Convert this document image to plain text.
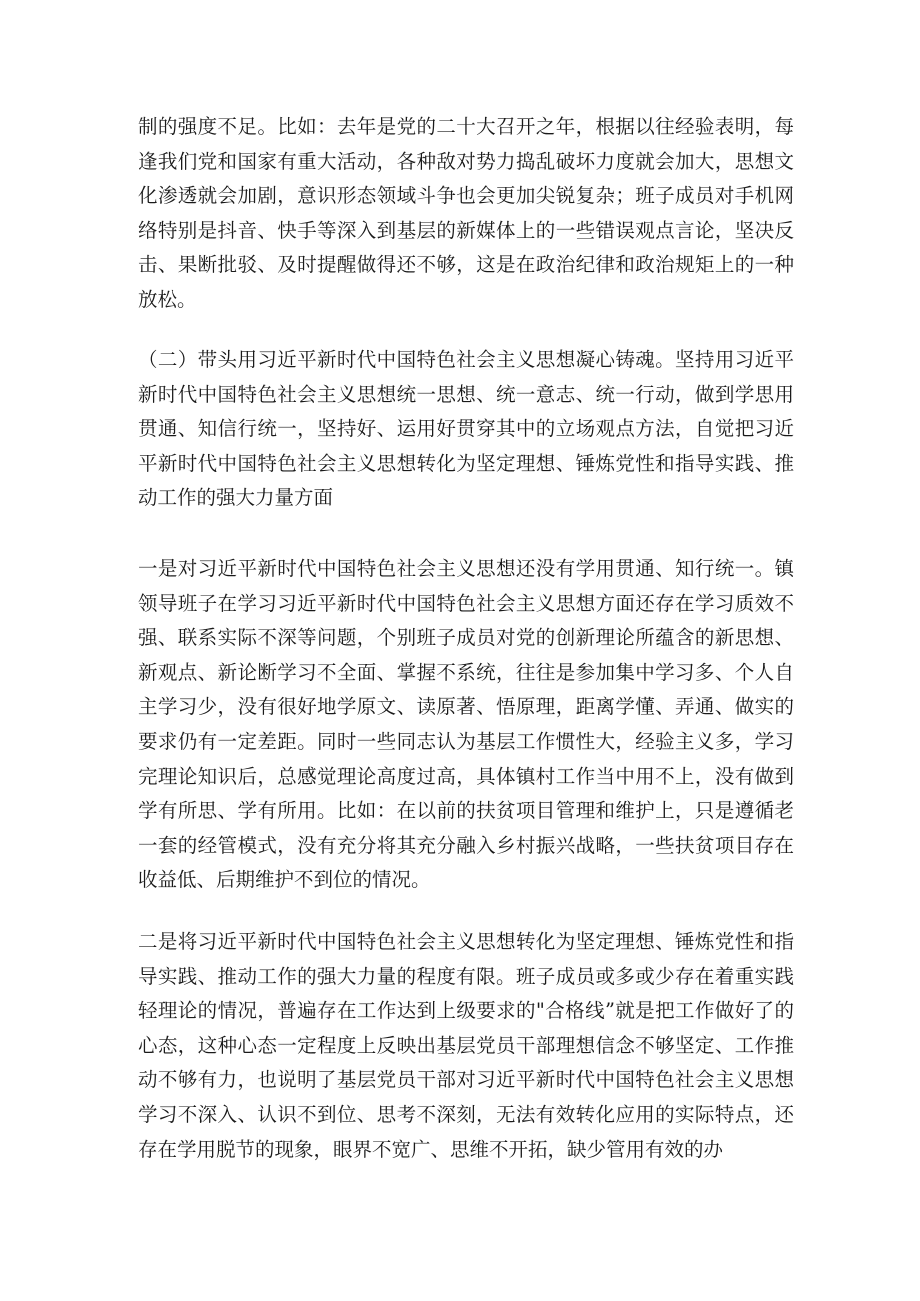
制的强度不足。比如：去年是党的二十大召开之年，根据以往经验表明，每逢我们党和国家有重大活动，各种敌对势力捣乱破坏力度就会加大，思想文化渗透就会加剧，意识形态领域斗争也会更加尖锐复杂；班子成员对手机网络特别是抖音、快手等深入到基层的新媒体上的一些错误观点言论，坚决反击、果断批驳、及时提醒做得还不够，这是在政治纪律和政治规矩上的一种放松。

（二）带头用习近平新时代中国特色社会主义思想凝心铸魂。坚持用习近平新时代中国特色社会主义思想统一思想、统一意志、统一行动，做到学思用贯通、知信行统一，坚持好、运用好贯穿其中的立场观点方法，自觉把习近平新时代中国特色社会主义思想转化为坚定理想、锤炼党性和指导实践、推动工作的强大力量方面

一是对习近平新时代中国特色社会主义思想还没有学用贯通、知行统一。镇领导班子在学习习近平新时代中国特色社会主义思想方面还存在学习质效不强、联系实际不深等问题，个别班子成员对党的创新理论所蕴含的新思想、新观点、新论断学习不全面、掌握不系统，往往是参加集中学习多、个人自主学习少，没有很好地学原文、读原著、悟原理，距离学懂、弄通、做实的要求仍有一定差距。同时一些同志认为基层工作惯性大，经验主义多，学习完理论知识后，总感觉理论高度过高，具体镇村工作当中用不上，没有做到学有所思、学有所用。比如：在以前的扶贫项目管理和维护上，只是遵循老一套的经管模式，没有充分将其充分融入乡村振兴战略，一些扶贫项目存在收益低、后期维护不到位的情况。

二是将习近平新时代中国特色社会主义思想转化为坚定理想、锤炼党性和指导实践、推动工作的强大力量的程度有限。班子成员或多或少存在着重实践轻理论的情况，普遍存在工作达到上级要求的"合格线”就是把工作做好了的心态，这种心态一定程度上反映出基层党员干部理想信念不够坚定、工作推动不够有力，也说明了基层党员干部对习近平新时代中国特色社会主义思想学习不深入、认识不到位、思考不深刻，无法有效转化应用的实际特点，还存在学用脱节的现象，眼界不宽广、思维不开拓，缺少管用有效的办
